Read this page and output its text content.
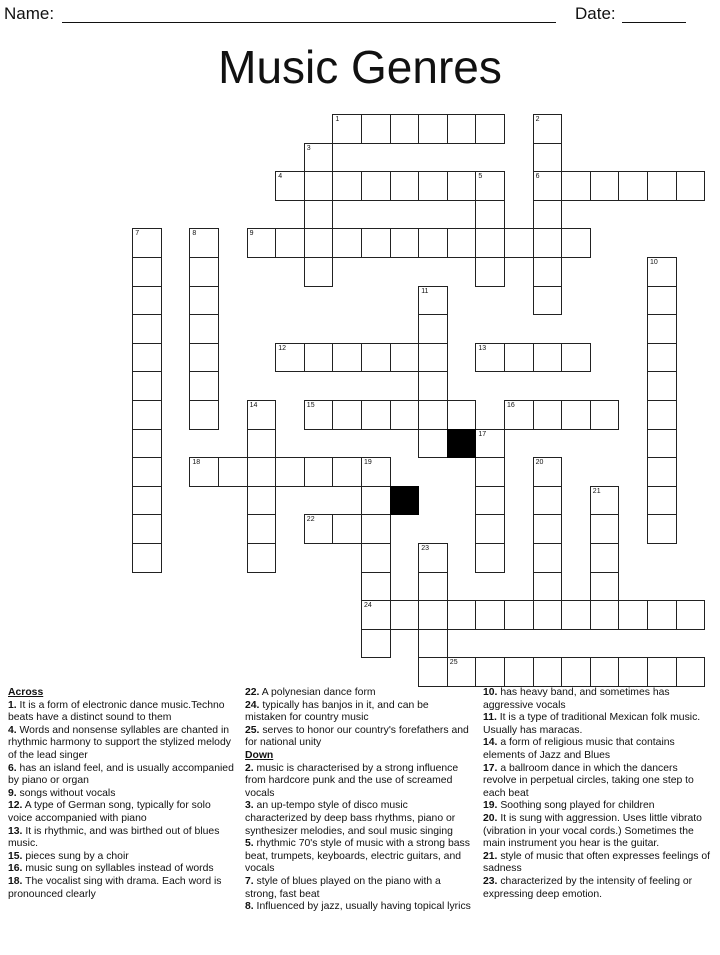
Name:	Date:
Music Genres
1
4	5	6
9
12	13
15	16
18
22
24
25
2
3
7	8
10
11
14
17
19	20
21
23
Across
1. It is a form of electronic dance music.Techno beats have a distinct sound to them
4. Words and nonsense syllables are chanted in rhythmic harmony to support the stylized melody of the lead singer
6. has an island feel, and is usually accompanied by piano or organ
9. songs without vocals
12. A type of German song, typically for solo voice accompanied with piano
13. It is rhythmic, and was birthed out of blues music.
15. pieces sung by a choir
16. music sung on syllables instead of words
18. The vocalist sing with drama. Each word is pronounced clearly
22. A polynesian dance form
24. typically has banjos in it, and can be mistaken for country music
25. serves to honor our country's forefathers and for national unity
Down
2. music is characterised by a strong influence from hardcore punk and the use of screamed vocals
3. an up-tempo style of disco music characterized by deep bass rhythms, piano or synthesizer melodies, and soul music singing
5. rhythmic 70's style of music with a strong bass beat, trumpets, keyboards, electric guitars, and vocals
7. style of blues played on the piano with a strong, fast beat
8. Influenced by jazz, usually having topical lyrics
10. has heavy band, and sometimes has aggressive vocals
11. It is a type of traditional Mexican folk music. Usually has maracas.
14. a form of religious music that contains elements of Jazz and Blues
17. a ballroom dance in which the dancers revolve in perpetual circles, taking one step to each beat
19. Soothing song played for children
20. It is sung with aggression. Uses little vibrato (vibration in your vocal cords.) Sometimes the main instrument you hear is the guitar.
21. style of music that often expresses feelings of sadness
23. characterized by the intensity of feeling or expressing deep emotion.
